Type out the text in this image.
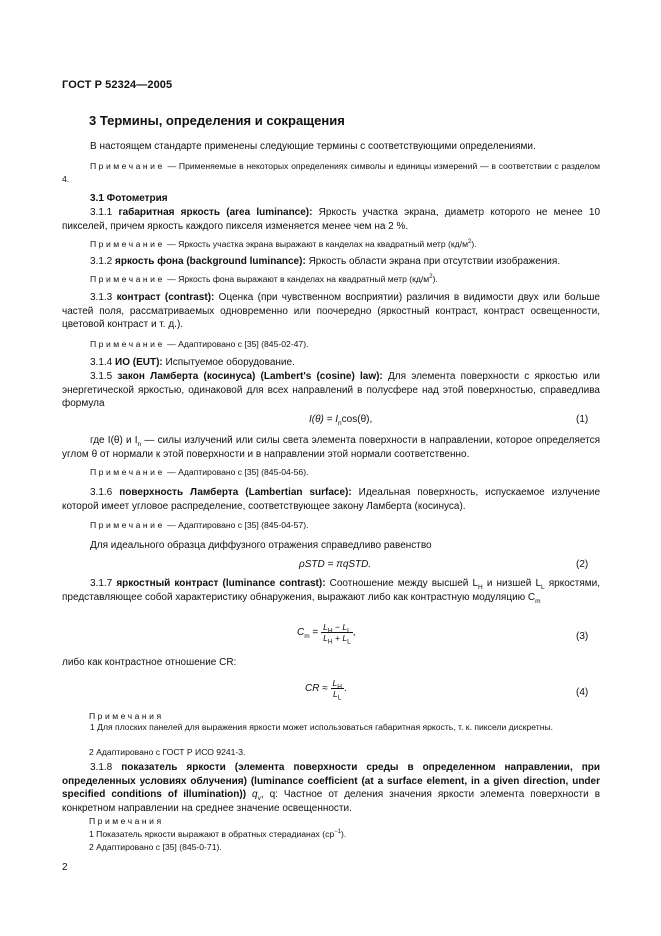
ГОСТ Р 52324—2005
3 Термины, определения и сокращения

В настоящем стандарте применены следующие термины с соответствующими определениями.

Примечание — Применяемые в некоторых определениях символы и единицы измерений — в соответствии с разделом 4.

3.1 Фотометрия

3.1.1 габаритная яркость (area luminance): Яркость участка экрана, диаметр которого не менее 10 пикселей, причем яркость каждого пикселя изменяется менее чем на 2 %.

Примечание — Яркость участка экрана выражают в канделах на квадратный метр $(кд/м^2)$.

3.1.2 яркость фона (background luminance): Яркость области экрана при отсутствии изображения.

Примечание — Яркость фона выражают в канделах на квадратный метр $(кд/м^2)$.

3.1.3 контраст (contrast): Оценка (при чувственном восприятии) различия в видимости двух или больше частей поля, рассматриваемых одновременно или поочередно (яркостный контраст, контраст освещенности, цветовой контраст и т. д.).

Примечание — Адаптировано с [35] (845-02-47).

3.1.4 ИО (EUT): Испытуемое оборудование.

3.1.5 закон Ламберта (косинуса) (Lambert's (cosine) law): Для элемента поверхности с яркостью или энергетической яркостью, одинаковой для всех направлений в полусфере над этой поверхностью, справедлива формула

$I(\theta) = I_n\cos(\theta)$,	(1)

где I(θ) и $I_n$ — силы излучений или силы света элемента поверхности в направлении, которое определяется углом θ от нормали к этой поверхности и в направлении этой нормали соответственно.

Примечание — Адаптировано с [35] (845-04-56).

3.1.6 поверхность Ламберта (Lambertian surface): Идеальная поверхность, испускаемое излучение которой имеет угловое распределение, соответствующее закону Ламберта (косинуса).

Примечание — Адаптировано с [35] (845-04-57).

Для идеального образца диффузного отражения справедливо равенство

ρSTD = πqSTD.	(2)

3.1.7 яркостный контраст (luminance contrast): Соотношение между высшей $L_H$ и низшей $L_L$ яркостями, представляющее собой характеристику обнаружения, выражают либо как контрастную модуляцию $C_m$

$C_m = \frac{L_H - L_L}{L_H + L_L}$ ,	(3)

либо как контрастное отношение CR:

CR ≈ $\frac{L_H}{L_L}$ .	(4)

Примечания

1 Для плоских панелей для выражения яркости может использоваться габаритная яркость, т. к. пиксели дискретны.

2 Адаптировано с ГОСТ Р ИСО 9241-3.

3.1.8 показатель яркости (элемента поверхности среды в определенном направлении, при определенных условиях облучения) (luminance coefficient (at a surface element, in a given direction, under specified conditions of illumination)) $q_v$, q: Частное от деления значения яркости элемента поверхности в конкретном направлении на среднее значение освещенности.

Примечания

1 Показатель яркости выражают в обратных стерадианах $(ср^{-1})$.

2 Адаптировано с [35] (845-0-71).

2
